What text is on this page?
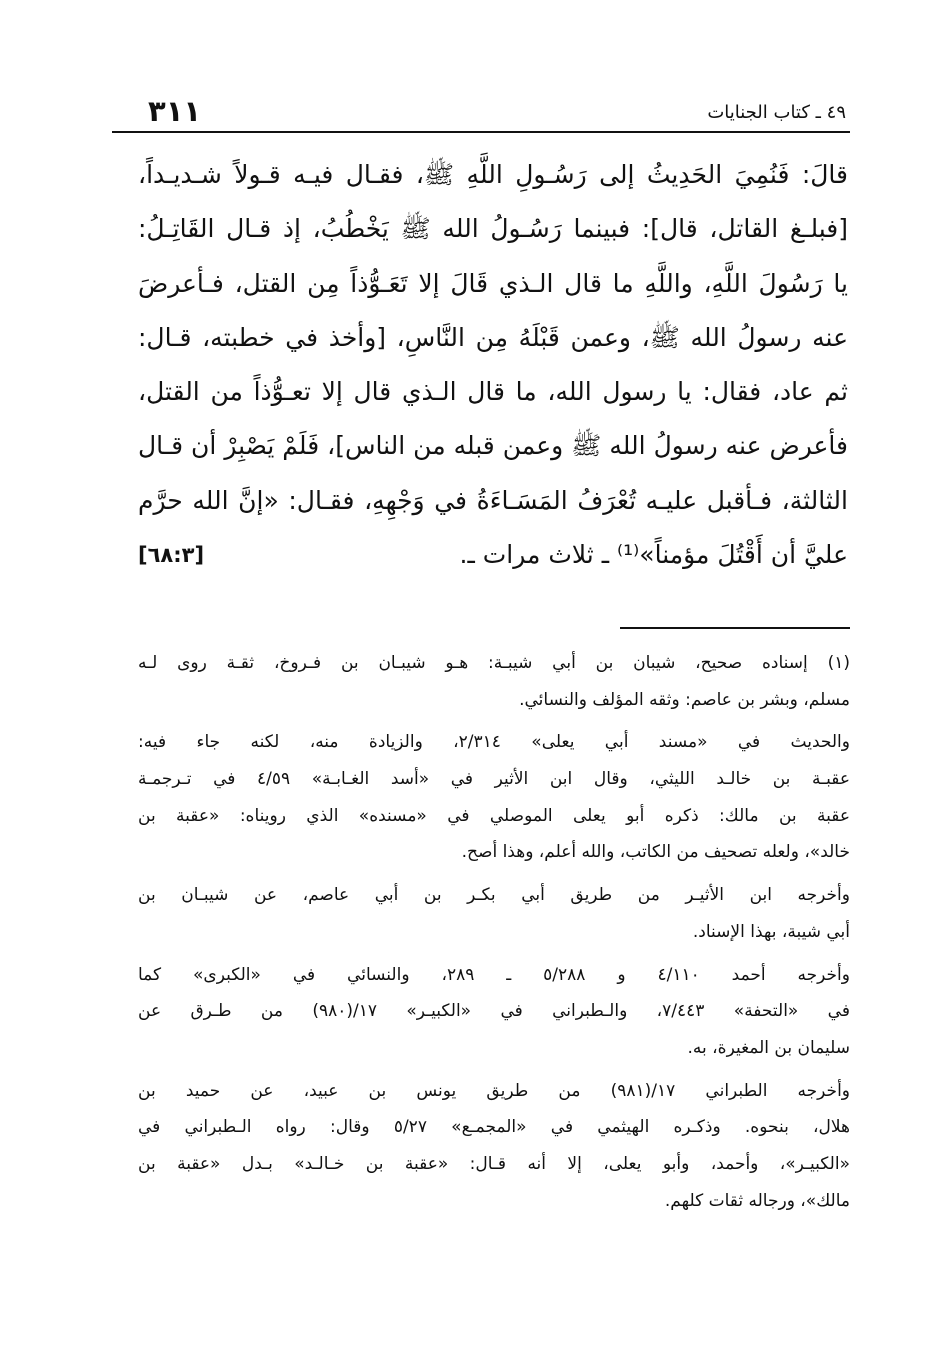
٣١١	٤٩ ـ كتاب الجنايات
قالَ: فَنُمِيَ الحَدِيثُ إلى رَسُـولِ اللَّهِ ﷺ، فقـال فيـه قـولاً شـديـداً،
[فبلـغ القاتل، قال]: فبينما رَسُـولُ الله ﷺ يَخْطُبُ، إذ قـال القَاتِـلُ:
يا رَسُولَ اللَّهِ، واللَّهِ ما قال الـذي قَالَ إلا تَعَـوُّذاً مِن القتل، فـأعرضَ
عنه رسولُ الله ﷺ، وعمن قَبْلَهُ مِن النَّاسِ، [وأخذ في خطبته، قـال:
ثم عاد، فقال: يا رسول الله، ما قال الـذي قال إلا تعـوُّذاً من القتل،
فأعرض عنه رسولُ الله ﷺ وعمن قبله من الناس]، فَلَمْ يَصْبِرْ أن قـال
الثالثة، فـأقبل عليـه تُعْرَفُ المَسَـاءَةُ في وَجْهِهِ، فقـال: «إنَّ الله حرَّم
عليَّ أن أَقْتُلَ مؤمناً»⁽¹⁾ ـ ثلاث مرات ـ.
[٦٨:٣]
(١) إسناده صحيح، شيبان بن أبي شيبـة: هـو شيبـان بن فـروخ، ثقـة روى لـه
مسلم، وبشر بن عاصم: وثقه المؤلف والنسائي.
والحديث في «مسند أبي يعلى» ٢/٣١٤، والزيادة منه، لكنه جاء فيه:
عقبـة بن خالـد الليثي، وقال ابن الأثير في «أسد الغـابـة» ٤/٥٩ في تـرجمـة
عقبة بن مالك: ذكره أبو يعلى الموصلي في «مسنده» الذي رويناه: «عقبة بن
خالد»، ولعله تصحيف من الكاتب، والله أعلم، وهذا أصح.
وأخرجه ابن الأثيـر من طريق أبي بكـر بن أبي عاصم، عن شيبـان بن
أبي شيبة، بهذا الإسناد.
وأخرجه أحمد ٤/١١٠ و ٥/٢٨٨ ـ ٢٨٩، والنسائي في «الكبرى» كما
في «التحفة» ٧/٤٤٣، والـطبراني في «الكبيـر» ١٧/(٩٨٠) من طـرق عن
سليمان بن المغيرة، به.
وأخرجه الطبراني ١٧/(٩٨١) من طريق يونس بن عبيد، عن حميد بن
هلال، بنحوه. وذكـره الهيثمي في «المجمـع» ٥/٢٧ وقال: رواه الـطبراني في
«الكبيـر»، وأحمد، وأبو يعلى، إلا أنه قـال: «عقبة بن خـالـد» بـدل «عقبة بن
مالك»، ورجاله ثقات كلهم.
